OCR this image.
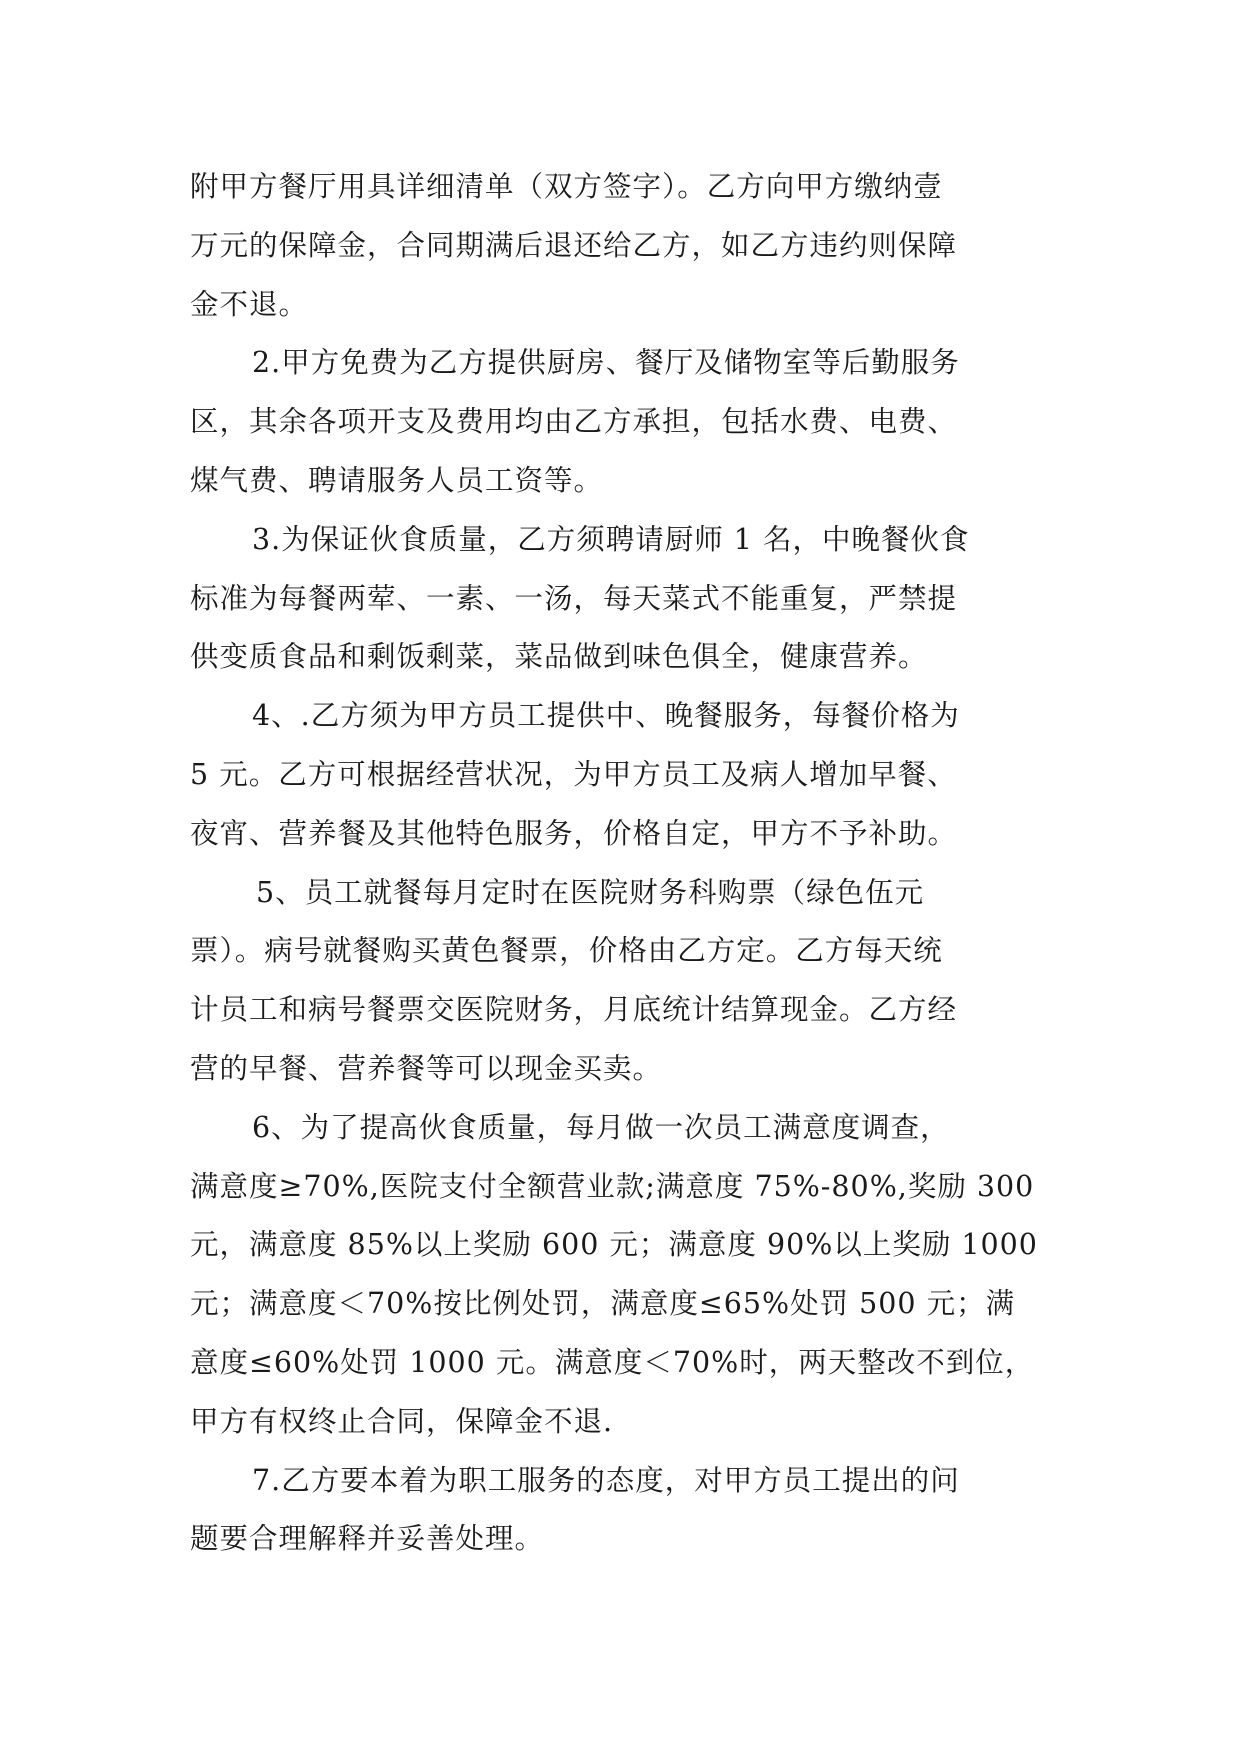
附甲方餐厅用具详细清单（双方签字）。乙方向甲方缴纳壹
万元的保障金，合同期满后退还给乙方，如乙方违约则保障
金不退。

2.甲方免费为乙方提供厨房、餐厅及储物室等后勤服务
区，其余各项开支及费用均由乙方承担，包括水费、电费、
煤气费、聘请服务人员工资等。

3.为保证伙食质量，乙方须聘请厨师 1 名，中晚餐伙食
标准为每餐两荤、一素、一汤，每天菜式不能重复，严禁提
供变质食品和剩饭剩菜，菜品做到味色俱全，健康营养。

4、.乙方须为甲方员工提供中、晚餐服务，每餐价格为
5 元。乙方可根据经营状况，为甲方员工及病人增加早餐、
夜宵、营养餐及其他特色服务，价格自定，甲方不予补助。

5、员工就餐每月定时在医院财务科购票（绿色伍元
票）。病号就餐购买黄色餐票，价格由乙方定。乙方每天统
计员工和病号餐票交医院财务，月底统计结算现金。乙方经
营的早餐、营养餐等可以现金买卖。

6、为了提高伙食质量，每月做一次员工满意度调查，
满意度≥70%,医院支付全额营业款;满意度 75%-80%,奖励 300
元，满意度 85%以上奖励 600 元；满意度 90%以上奖励 1000
元；满意度＜70%按比例处罚，满意度≤65%处罚 500 元；满
意度≤60%处罚 1000 元。满意度＜70%时，两天整改不到位，
甲方有权终止合同，保障金不退.

7.乙方要本着为职工服务的态度，对甲方员工提出的问
题要合理解释并妥善处理。
